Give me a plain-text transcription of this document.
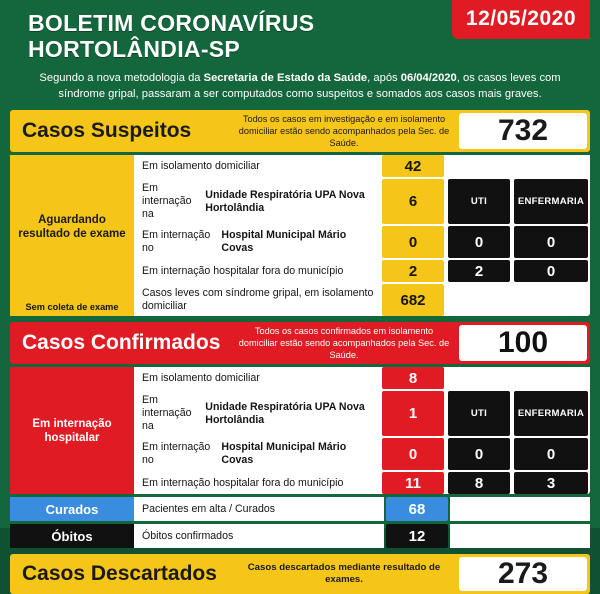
BOLETIM CORONAVÍRUS
HORTOLÂNDIA-SP
12/05/2020
Segundo a nova metodologia da Secretaria de Estado da Saúde, após 06/04/2020, os casos leves com síndrome gripal, passaram a ser computados como suspeitos e somados aos casos mais graves.
Casos Suspeitos	Todos os casos em investigação e em isolamento domiciliar estão sendo acompanhados pela Sec. de Saúde.	732
Aguardando resultado de exame
Sem coleta de exame
Em isolamento domiciliar	42
Em internação na
Unidade Respiratória UPA Nova Hortolândia	6	UTI	ENFERMARIA
Em internação no
Hospital Municipal Mário Covas	0	0	0
Em internação hospitalar fora do município	2	2	0
Casos leves com síndrome gripal, em isolamento domiciliar	682
Casos Confirmados	Todos os casos confirmados em isolamento domiciliar estão sendo acompanhados pela Sec. de Saúde.	100
Em internação hospitalar
Em isolamento domiciliar	8
Em internação na
Unidade Respiratória UPA Nova Hortolândia	1	UTI	ENFERMARIA
Em internação no
Hospital Municipal Mário Covas	0	0	0
Em internação hospitalar fora do município	11	8	3
Curados	Pacientes em alta / Curados	68
Óbitos	Óbitos confirmados	12
Casos Descartados	Casos descartados mediante resultado de exames.	273
